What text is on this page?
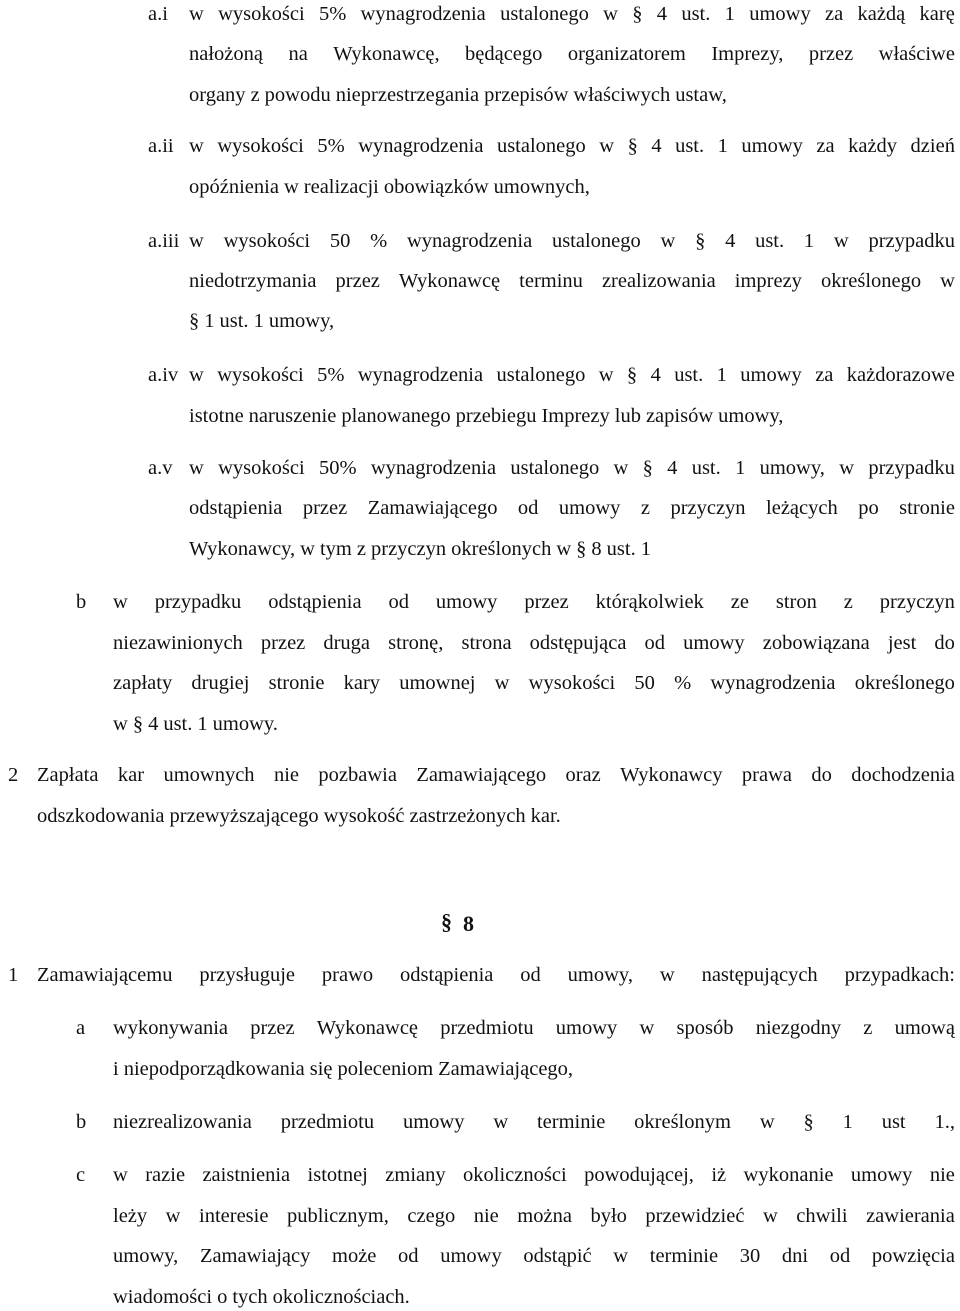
a.i w wysokości 5% wynagrodzenia ustalonego w § 4 ust. 1 umowy za każdą karę
nałożoną na Wykonawcę, będącego organizatorem Imprezy, przez właściwe
organy z powodu nieprzestrzegania przepisów właściwych ustaw,
a.ii w wysokości 5% wynagrodzenia ustalonego w § 4 ust. 1 umowy za każdy dzień
opóźnienia w realizacji obowiązków umownych,
a.iii w wysokości 50 % wynagrodzenia ustalonego w § 4 ust. 1 w przypadku
niedotrzymania przez Wykonawcę terminu zrealizowania imprezy określonego w
§ 1 ust. 1 umowy,
a.iv w wysokości 5% wynagrodzenia ustalonego w § 4 ust. 1 umowy za każdorazowe
istotne naruszenie planowanego przebiegu Imprezy lub zapisów umowy,
a.v w wysokości 50% wynagrodzenia ustalonego w § 4 ust. 1 umowy, w przypadku
odstąpienia przez Zamawiającego od umowy z przyczyn leżących po stronie
Wykonawcy, w tym z przyczyn określonych w § 8 ust. 1
b w przypadku odstąpienia od umowy przez którąkolwiek ze stron z przyczyn
niezawinionych przez druga stronę, strona odstępująca od umowy zobowiązana jest do
zapłaty drugiej stronie kary umownej w wysokości 50 % wynagrodzenia określonego
w § 4 ust. 1 umowy.
2 Zapłata kar umownych nie pozbawia Zamawiającego oraz Wykonawcy prawa do dochodzenia
odszkodowania przewyższającego wysokość zastrzeżonych kar.
1 Zamawiającemu przysługuje prawo odstąpienia od umowy, w następujących przypadkach:
a wykonywania przez Wykonawcę przedmiotu umowy w sposób niezgodny z umową
i niepodporządkowania się poleceniom Zamawiającego,
b niezrealizowania przedmiotu umowy w terminie określonym w § 1 ust 1.,
c w razie zaistnienia istotnej zmiany okoliczności powodującej, iż wykonanie umowy nie
leży w interesie publicznym, czego nie można było przewidzieć w chwili zawierania
umowy, Zamawiający może od umowy odstąpić w terminie 30 dni od powzięcia
wiadomości o tych okolicznościach.
§ 8
